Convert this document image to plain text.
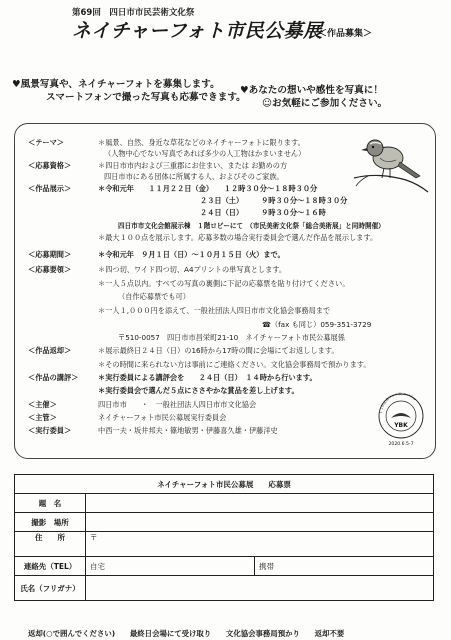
第69回　四日市市民芸術文化祭
ネイチャーフォト市民公募展
＜作品募集＞
♥風景写真や、ネイチャーフォトを募集します。
スマートフォンで撮った写真も応募できます。
♥あなたの想いや感性を写真に！
☺お気軽にご参加ください。
＜テーマ＞	＊風景、自然、身近な草花などのネイチャーフォトに限ります。
（人物中心でない写真であれば多少の人工物はかまいません）
＜応募資格＞	＊四日市市内および三重郡にお住まい、または お勤めの方
四日市市にある団体に所属する人、およびそのご家族。
＜作品展示＞	＊令和元年　　１１月２２日（金）　　１２時３０分～１８時３０分
２３日（土）　　　９時３０分～１８時３０分
２４日（日）　　　９時３０分～１６時
四日市市文化会館展示棟　１階ロビーにて　（市民美術文化祭「総合美術展」と同時開催）
＊最大１００点を展示します。応募多数の場合実行委員会で選んだ作品を展示します。
＜応募期間＞	＊令和元年　９月１日（日）～１０月１５日（火）まで。
＜応募要領＞	＊四つ切、ワイド四つ切、A4プリントの単写真とします。
＊一人５点以内。すべての写真の裏側に下記の応募票を貼り付けてください。
（自作応募票でも可）
＊一人１,０００円を添えて、一般社団法人四日市市文化協会事務局まで
☎（fax も同じ）059-351-3729
〒510-0057　四日市市昌栄町21-10　ネイチャーフォト市民公募展係
＜作品返却＞	＊展示最終日２４日（日）の16時から17時の間に会場にてお返しします。
＊その時間に来られない方は事前にご連絡ください。文化協会事務局で預かります。
＜作品の講評＞	＊実行委員による講評会を　　２４日（日）　１４時から行います。
＊実行委員会で選んだ５点にささやかな賞品を差し上げます。
＜主催＞	四日市市　　・　一般社団法人四日市市文化協会
＜主管＞	ネイチャーフォト市民公募展実行委員会
＜実行委員＞	中西一夫・坂井邦夫・篠地敏男・伊藤喜久雄・伊藤洋史
１３回記念フォト展 のパネル
YBK
2020.6.5-7
ネイチャーフォト市民公募展　　応募票		
題　名		
撮影　場所		
住　　所	〒	
連絡先（TEL）	自宅	携帯
氏名（フリガナ）		
返却(○で囲んでください)　　最終日会場にて受け取り　　文化協会事務局預かり　　返却不要
